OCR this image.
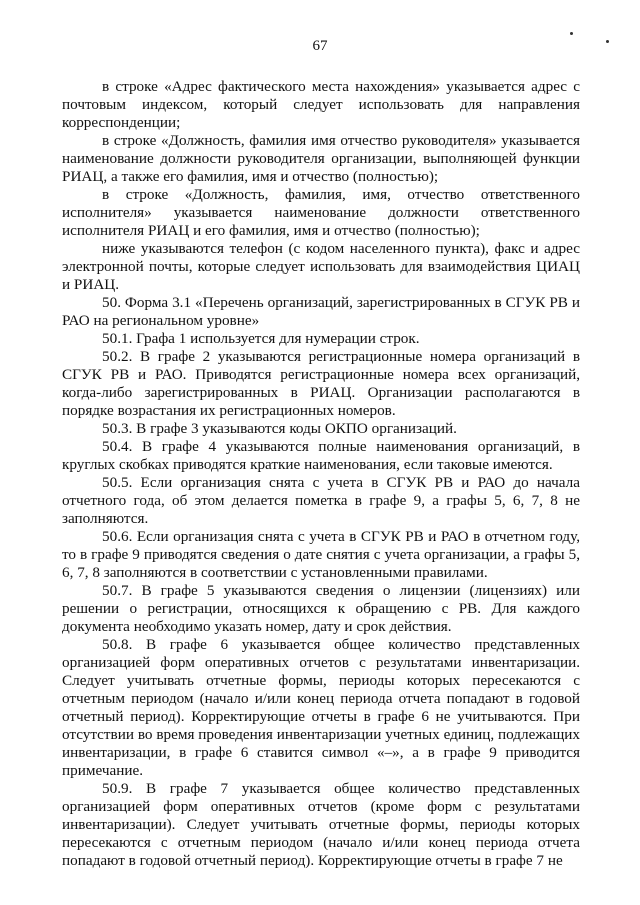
67

в строке «Адрес фактического места нахождения» указывается адрес с почтовым индексом, который следует использовать для направления корреспонденции;

в строке «Должность, фамилия имя отчество руководителя» указывается наименование должности руководителя организации, выполняющей функции РИАЦ, а также его фамилия, имя и отчество (полностью);

в строке «Должность, фамилия, имя, отчество ответственного исполнителя» указывается наименование должности ответственного исполнителя РИАЦ и его фамилия, имя и отчество (полностью);

ниже указываются телефон (с кодом населенного пункта), факс и адрес электронной почты, которые следует использовать для взаимодействия ЦИАЦ и РИАЦ.

50. Форма 3.1 «Перечень организаций, зарегистрированных в СГУК РВ и РАО на региональном уровне»

50.1. Графа 1 используется для нумерации строк.

50.2. В графе 2 указываются регистрационные номера организаций в СГУК РВ и РАО. Приводятся регистрационные номера всех организаций, когда-либо зарегистрированных в РИАЦ. Организации располагаются в порядке возрастания их регистрационных номеров.

50.3. В графе 3 указываются коды ОКПО организаций.

50.4. В графе 4 указываются полные наименования организаций, в круглых скобках приводятся краткие наименования, если таковые имеются.

50.5. Если организация снята с учета в СГУК РВ и РАО до начала отчетного года, об этом делается пометка в графе 9, а графы 5, 6, 7, 8 не заполняются.

50.6. Если организация снята с учета в СГУК РВ и РАО в отчетном году, то в графе 9 приводятся сведения о дате снятия с учета организации, а графы 5, 6, 7, 8 заполняются в соответствии с установленными правилами.

50.7. В графе 5 указываются сведения о лицензии (лицензиях) или решении о регистрации, относящихся к обращению с РВ. Для каждого документа необходимо указать номер, дату и срок действия.

50.8. В графе 6 указывается общее количество представленных организацией форм оперативных отчетов с результатами инвентаризации. Следует учитывать отчетные формы, периоды которых пересекаются с отчетным периодом (начало и/или конец периода отчета попадают в годовой отчетный период). Корректирующие отчеты в графе 6 не учитываются. При отсутствии во время проведения инвентаризации учетных единиц, подлежащих инвентаризации, в графе 6 ставится символ «–», а в графе 9 приводится примечание.

50.9. В графе 7 указывается общее количество представленных организацией форм оперативных отчетов (кроме форм с результатами инвентаризации). Следует учитывать отчетные формы, периоды которых пересекаются с отчетным периодом (начало и/или конец периода отчета попадают в годовой отчетный период). Корректирующие отчеты в графе 7 не
